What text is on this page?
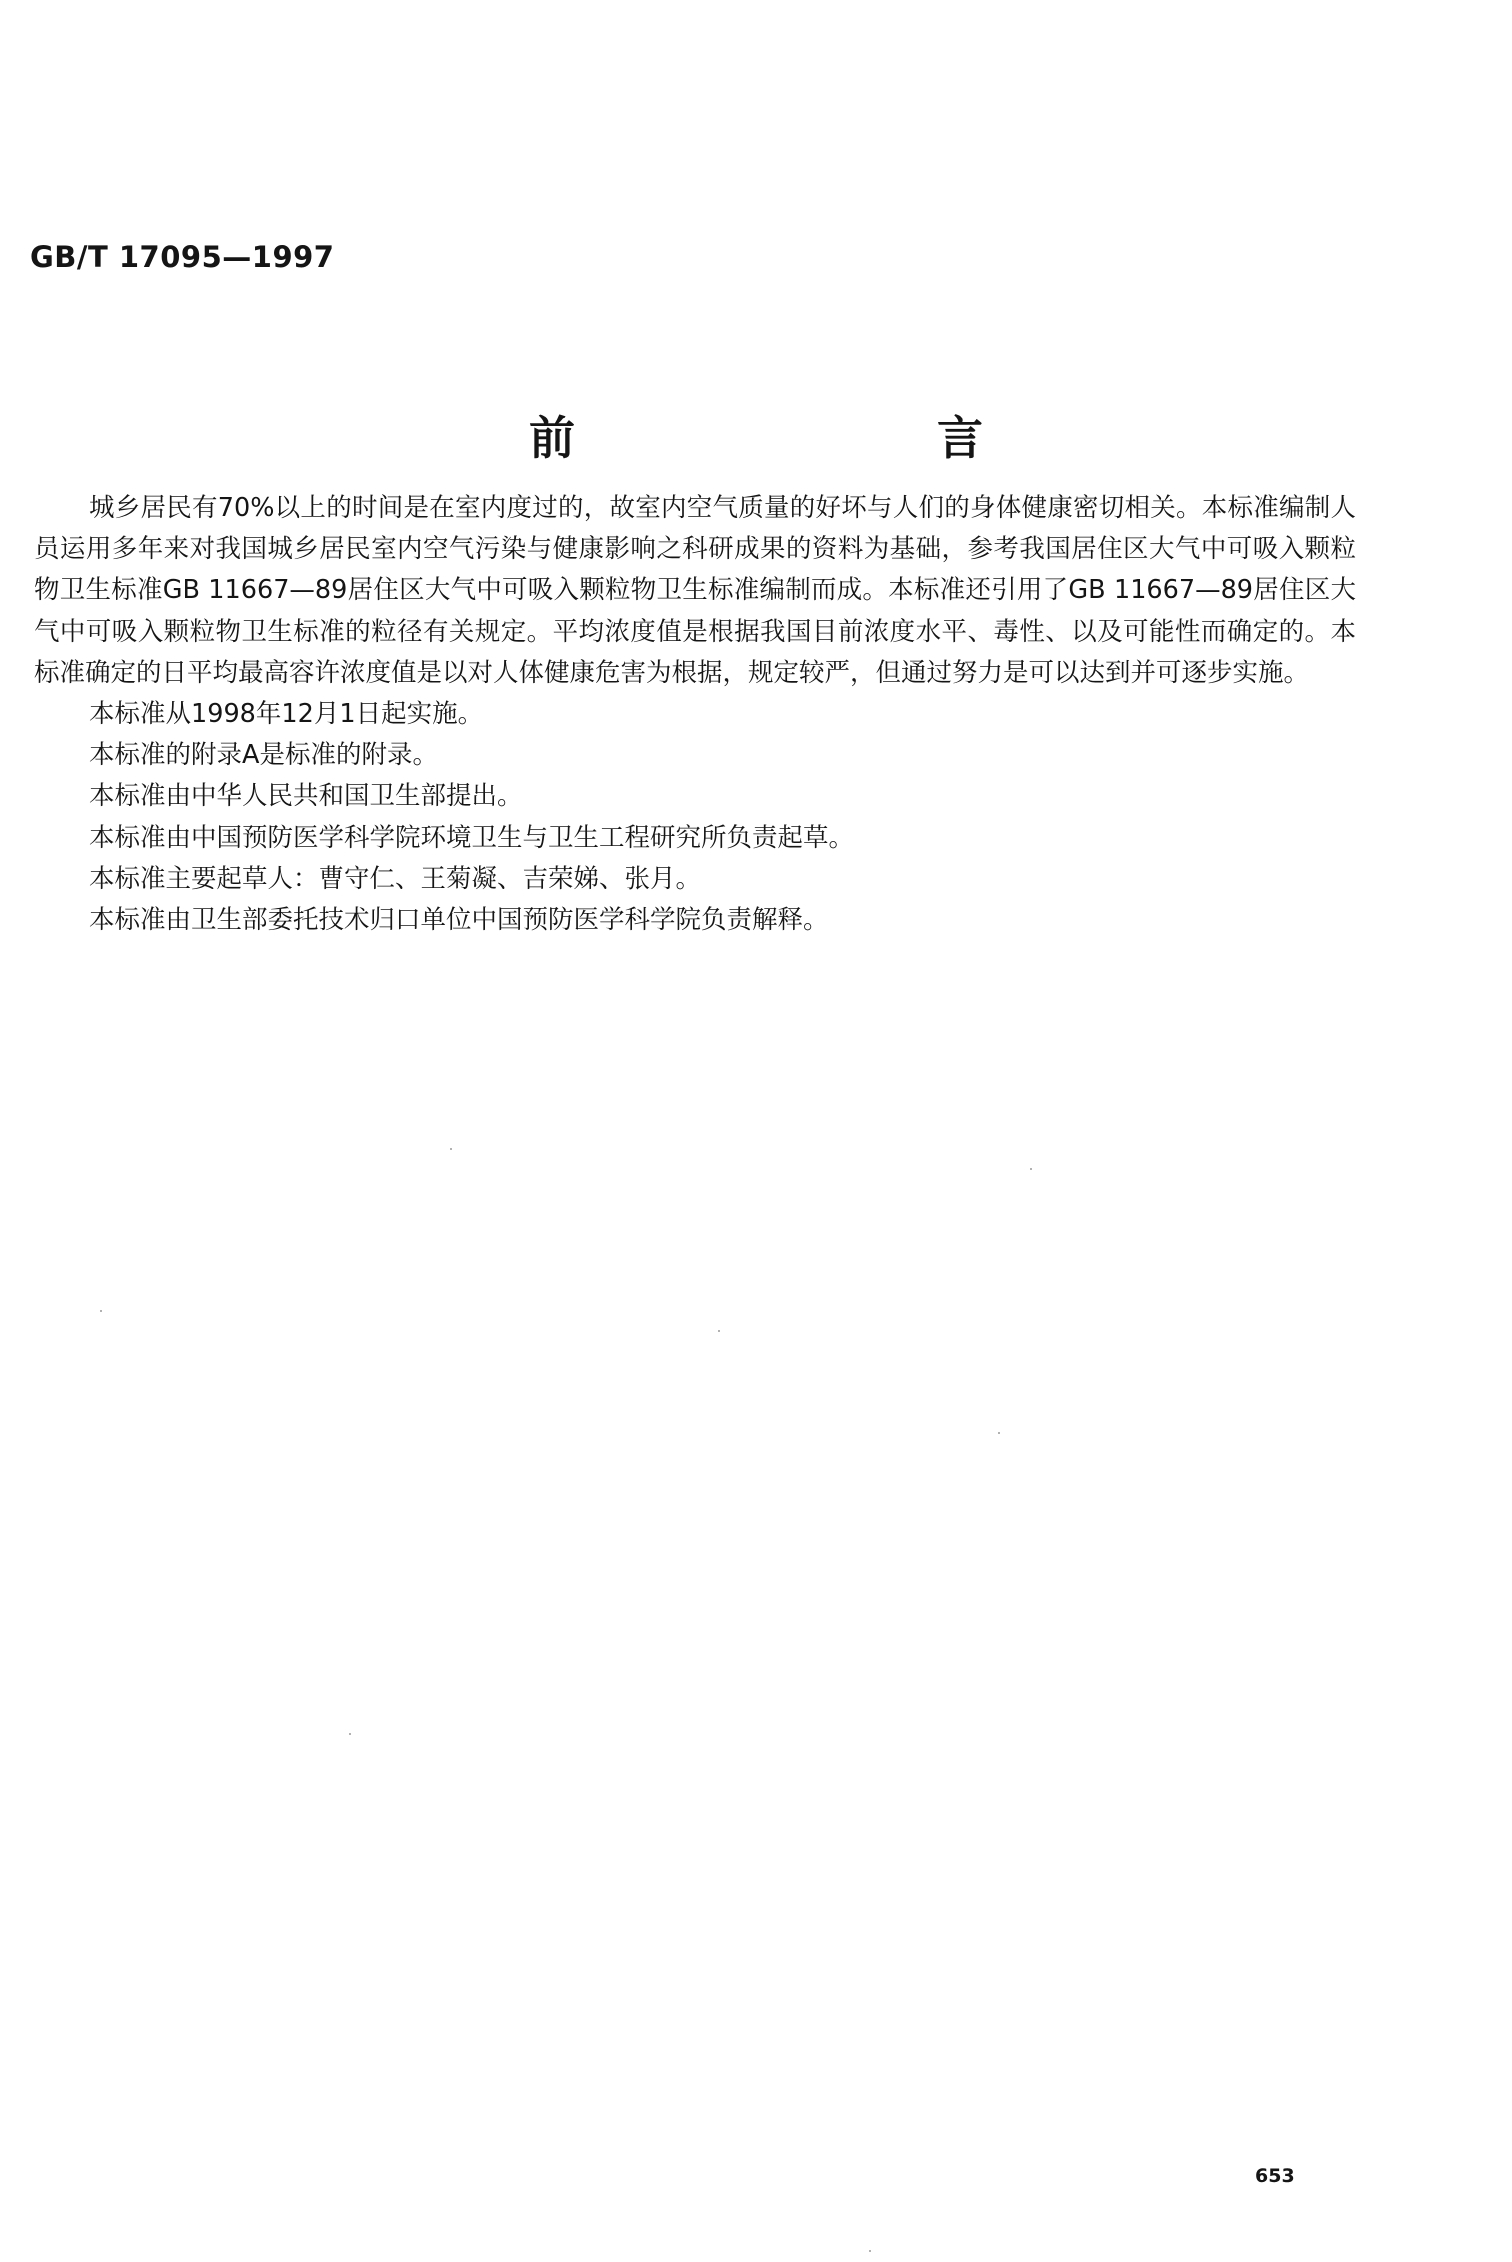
GB/T 17095—1997
前　　言

城乡居民有70%以上的时间是在室内度过的，故室内空气质量的好坏与人们的身体健康密切相关。本标准编制人员运用多年来对我国城乡居民室内空气污染与健康影响之科研成果的资料为基础，参考我国居住区大气中可吸入颗粒物卫生标准GB 11667—89居住区大气中可吸入颗粒物卫生标准编制而成。本标准还引用了GB 11667—89居住区大气中可吸入颗粒物卫生标准的粒径有关规定。平均浓度值是根据我国目前浓度水平、毒性、以及可能性而确定的。本标准确定的日平均最高容许浓度值是以对人体健康危害为根据，规定较严，但通过努力是可以达到并可逐步实施。

本标准从1998年12月1日起实施。

本标准的附录A是标准的附录。

本标准由中华人民共和国卫生部提出。

本标准由中国预防医学科学院环境卫生与卫生工程研究所负责起草。

本标准主要起草人：曹守仁、王菊凝、吉荣娣、张月。

本标准由卫生部委托技术归口单位中国预防医学科学院负责解释。

653
